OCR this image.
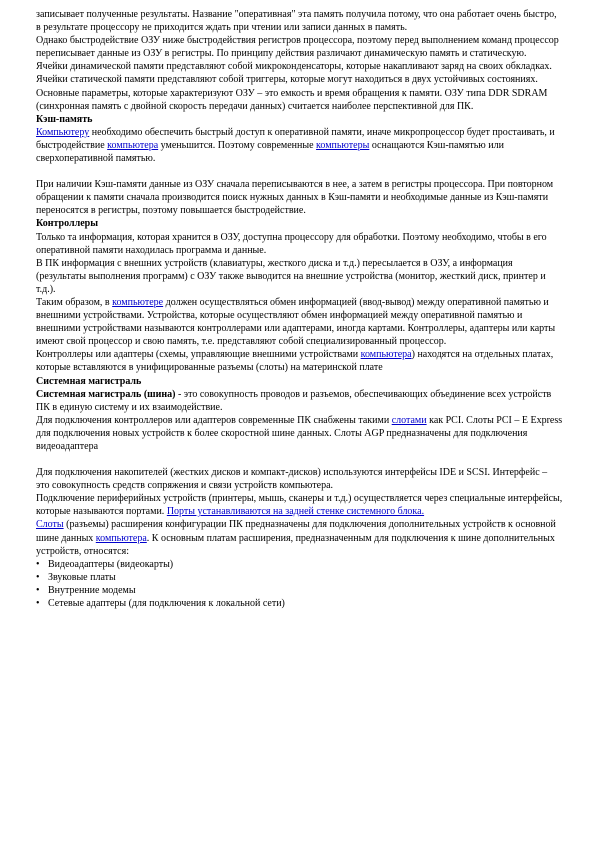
записывает полученные результаты. Название "оперативная" эта память получила потому, что она работает очень быстро, в результате процессору не приходится ждать при чтении или записи данных в память.

Однако быстродействие ОЗУ ниже быстродействия регистров процессора, поэтому перед выполнением команд процессор переписывает данные из ОЗУ в регистры. По принципу действия различают динамическую память и статическую.

Ячейки динамической памяти представляют собой микроконденсаторы, которые накапливают заряд на своих обкладках. Ячейки статической памяти представляют собой триггеры, которые могут находиться в двух устойчивых состояниях.

Основные параметры, которые характеризуют ОЗУ – это емкость и время обращения к памяти. ОЗУ типа DDR SDRAM (синхронная память с двойной скорость передачи данных) считается наиболее перспективной для ПК.

Кэш-память

Компьютеру необходимо обеспечить быстрый доступ к оперативной памяти, иначе микропроцессор будет простаивать, и быстродействие компьютера уменьшится. Поэтому современные компьютеры оснащаются Кэш-памятью или сверхоперативной памятью.

При наличии Кэш-памяти данные из ОЗУ сначала переписываются в нее, а затем в регистры процессора. При повторном обращении к памяти сначала производится поиск нужных данных в Кэш-памяти и необходимые данные из Кэш-памяти переносятся в регистры, поэтому повышается быстродействие.

Контроллеры

Только та информация, которая хранится в ОЗУ, доступна процессору для обработки. Поэтому необходимо, чтобы в его оперативной памяти находилась программа и данные.

В ПК информация с внешних устройств (клавиатуры, жесткого диска и т.д.) пересылается в ОЗУ, а информация (результаты выполнения программ) с ОЗУ также выводится на внешние устройства (монитор, жесткий диск, принтер и т.д.).

Таким образом, в компьютере должен осуществляться обмен информацией (ввод-вывод) между оперативной памятью и внешними устройствами. Устройства, которые осуществляют обмен информацией между оперативной памятью и внешними устройствами называются контроллерами или адаптерами, иногда картами. Контроллеры, адаптеры или карты имеют свой процессор и свою память, т.е. представляют собой специализированный процессор.

Контроллеры или адаптеры (схемы, управляющие внешними устройствами компьютера) находятся на отдельных платах, которые вставляются в унифицированные разъемы (слоты) на материнской плате

Системная магистраль

Системная магистраль (шина) - это совокупность проводов и разъемов, обеспечивающих объединение всех устройств ПК в единую систему и их взаимодействие.

Для подключения контроллеров или адаптеров современные ПК снабжены такими слотами как PCI. Слоты PCI – E Express для подключения новых устройств к более скоростной шине данных. Слоты AGP предназначены для подключения видеоадаптера

Для подключения накопителей (жестких дисков и компакт-дисков) используются интерфейсы IDE и SCSI. Интерфейс – это совокупность средств сопряжения и связи устройств компьютера.

Подключение периферийных устройств (принтеры, мышь, сканеры и т.д.) осуществляется через специальные интерфейсы, которые называются портами. Порты устанавливаются на задней стенке системного блока.

Слоты (разъемы) расширения конфигурации ПК предназначены для подключения дополнительных устройств к основной шине данных компьютера. К основным платам расширения, предназначенным для подключения к шине дополнительных устройств, относятся:

• Видеоадаптеры (видеокарты)
• Звуковые платы
• Внутренние модемы
• Сетевые адаптеры (для подключения к локальной сети)
